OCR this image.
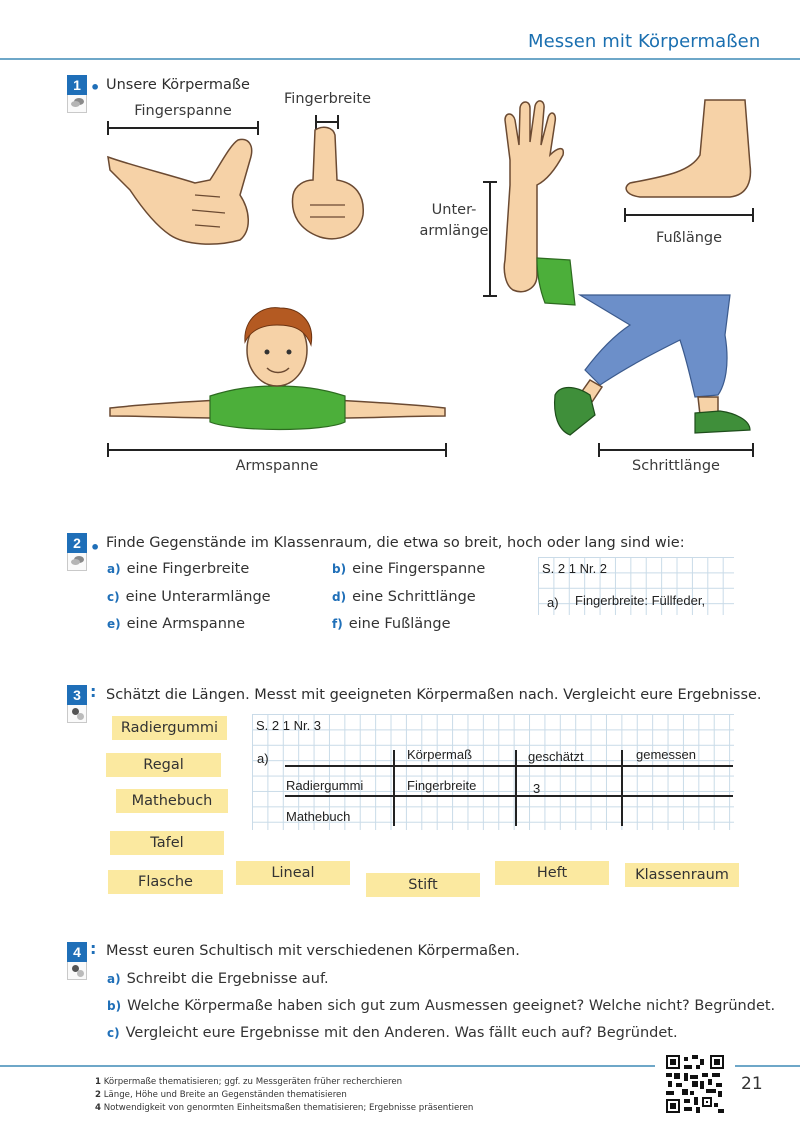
Messen mit Körpermaßen
1 • Unsere Körpermaße
Fingerspanne
Fingerbreite
Unter-
armlänge	Fußlänge
Armspanne	Schrittlänge
2 • Finde Gegenstände im Klassenraum, die etwa so breit, hoch oder lang sind wie:
a) eine Fingerbreite	b) eine Fingerspanne
c) eine Unterarmlänge	d) eine Schrittlänge
e) eine Armspanne	f) eine Fußlänge
S. 2 1 Nr. 2
a) Fingerbreite: Füllfeder,
3 : Schätzt die Längen. Messt mit geeigneten Körpermaßen nach. Vergleicht eure Ergebnisse.
Radiergummi
Regal
Mathebuch
Tafel
Flasche
Lineal
Stift
Heft	Klassenraum
S. 2 1 Nr. 3
a)	Körpermaß	geschätzt	gemessen
Radiergummi	Fingerbreite	3
Mathebuch
4 : Messt euren Schultisch mit verschiedenen Körpermaßen.
a) Schreibt die Ergebnisse auf.
b) Welche Körpermaße haben sich gut zum Ausmessen geeignet? Welche nicht? Begründet.
c) Vergleicht eure Ergebnisse mit den Anderen. Was fällt euch auf? Begründet.
1 Körpermaße thematisieren; ggf. zu Messgeräten früher recherchieren
2 Länge, Höhe und Breite an Gegenständen thematisieren
4 Notwendigkeit von genormten Einheitsmaßen thematisieren; Ergebnisse präsentieren
21
